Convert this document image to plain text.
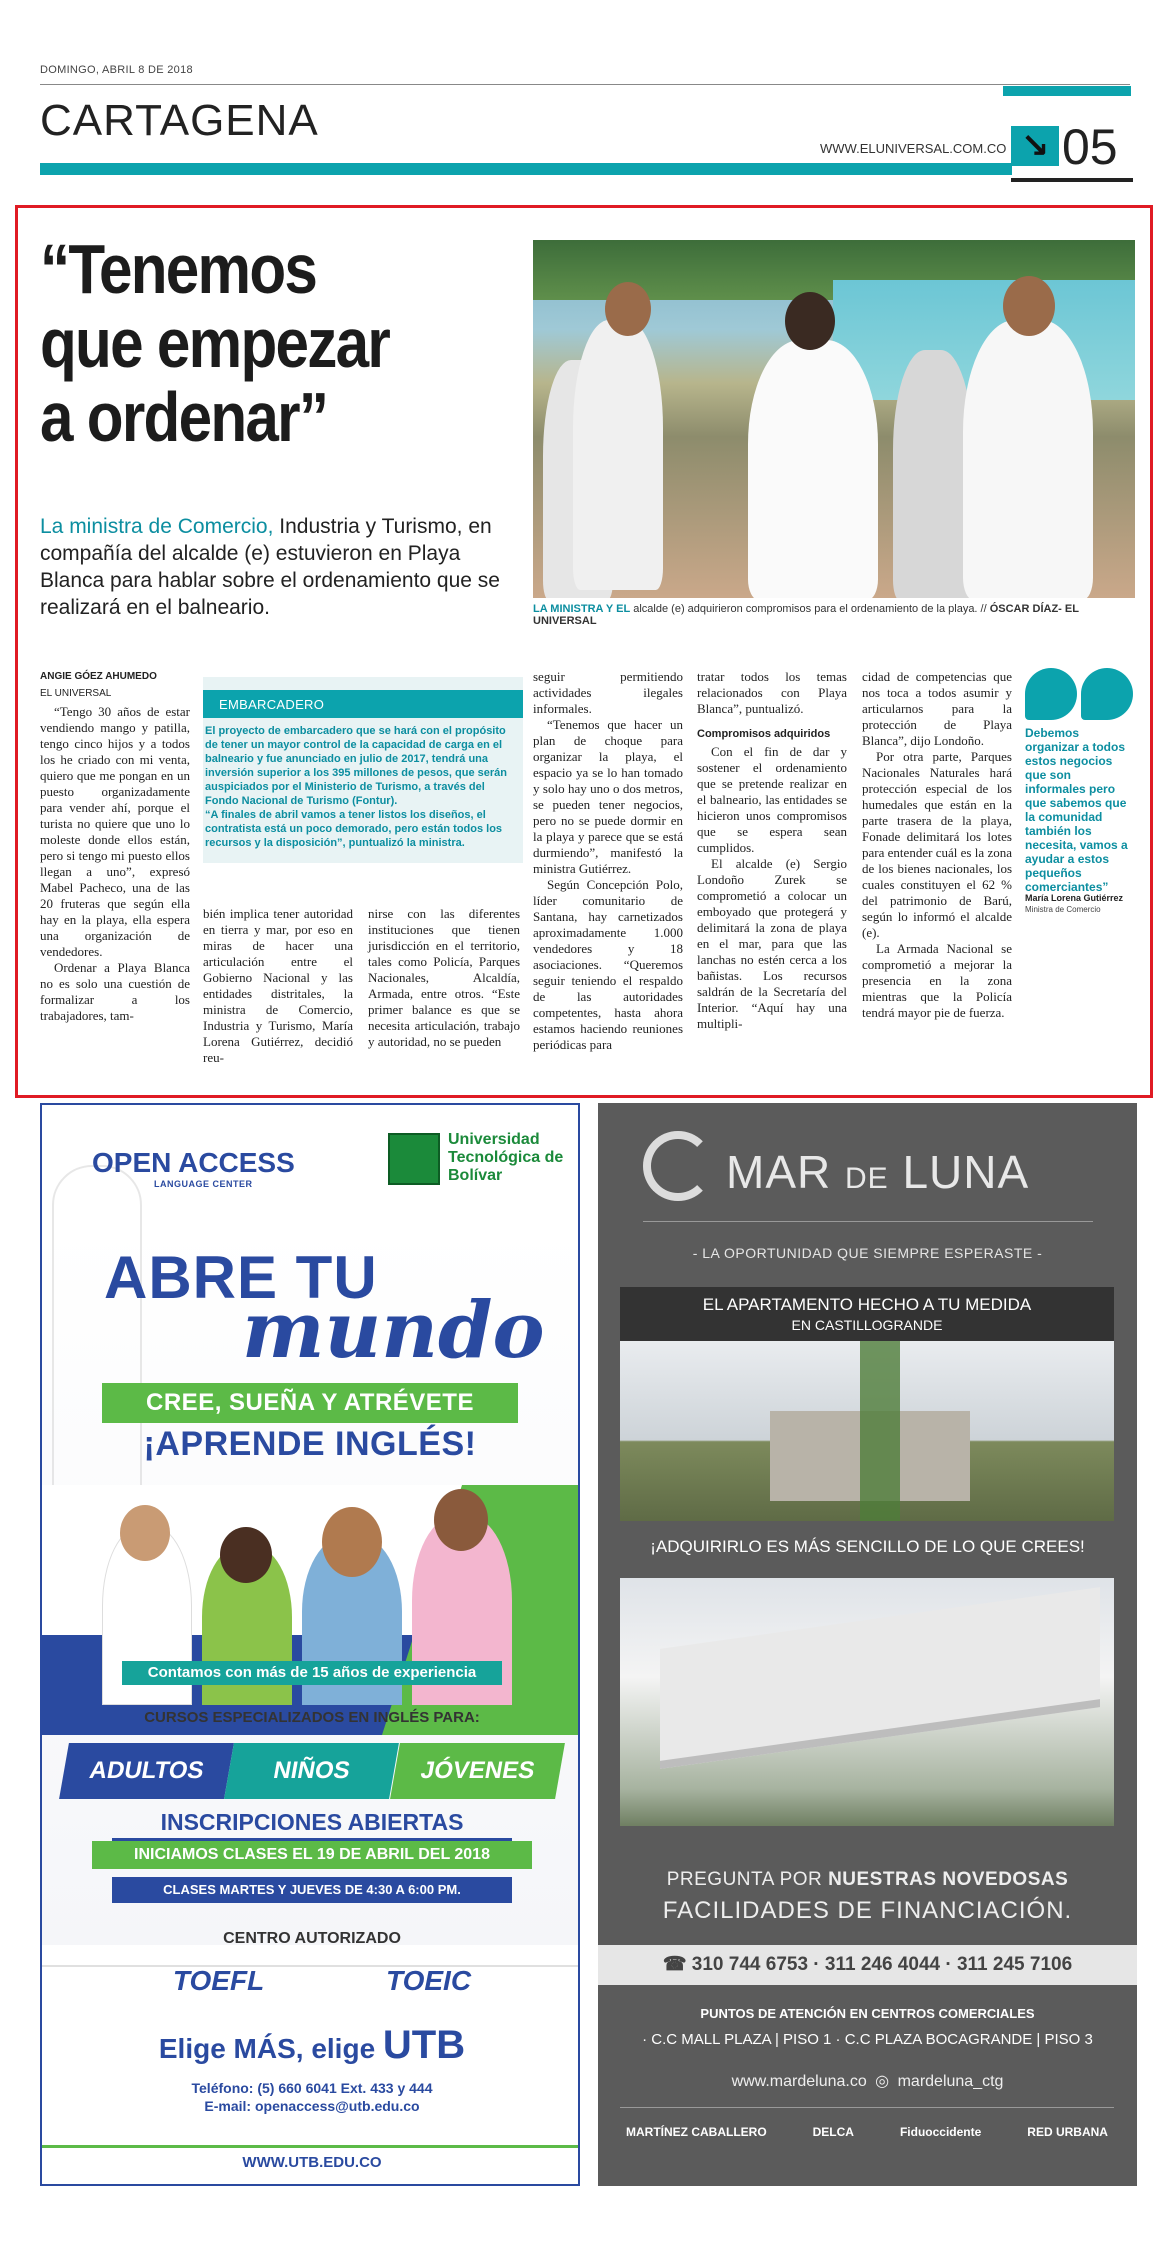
DOMINGO, ABRIL 8 DE 2018
CARTAGENA
WWW.ELUNIVERSAL.COM.CO ↘ 05
“Tenemos
que empezar
a ordenar”
La ministra de Comercio, Industria y Turismo, en compañía del alcalde (e) estuvieron en Playa Blanca para hablar sobre el ordenamiento que se realizará en el balneario.	LA MINISTRA Y EL alcalde (e) adquirieron compromisos para el ordenamiento de la playa. // ÓSCAR DÍAZ- EL UNIVERSAL
ANGIE GÓEZ AHUMEDO
EL UNIVERSAL

“Tengo 30 años de estar vendiendo mango y patilla, tengo cinco hijos y a todos los he criado con mi venta, quiero que me pongan en un puesto organizadamente para vender ahí, porque el turista no quiere que uno lo moleste donde ellos están, pero si tengo mi puesto ellos llegan a uno”, expresó Mabel Pacheco, una de las 20 fruteras que según ella hay en la playa, ella espera una organización de vendedores.

Ordenar a Playa Blanca no es solo una cuestión de formalizar a los trabajadores, tam-

EMBARCADERO
El proyecto de embarcadero que se hará con el propósito de tener un mayor control de la capacidad de carga en el balneario y fue anunciado en julio de 2017, tendrá una inversión superior a los 395 millones de pesos, que serán auspiciados por el Ministerio de Turismo, a través del Fondo Nacional de Turismo (Fontur).
“A finales de abril vamos a tener listos los diseños, el contratista está un poco demorado, pero están todos los recursos y la disposición”, puntualizó la ministra.

bién implica tener autoridad en tierra y mar, por eso en miras de hacer una articulación entre el Gobierno Nacional y las entidades distritales, la ministra de Comercio, Industria y Turismo, María Lorena Gutiérrez, decidió reu-

nirse con las diferentes instituciones que tienen jurisdicción en el territorio, tales como Policía, Parques Nacionales, Alcaldía, Armada, entre otros. “Este primer balance es que se necesita articulación, trabajo y autoridad, no se pueden

seguir permitiendo actividades ilegales informales.

“Tenemos que hacer un plan de choque para organizar la playa, el espacio ya se lo han tomado y solo hay uno o dos metros, se pueden tener negocios, pero no se puede dormir en la playa y parece que se está durmiendo”, manifestó la ministra Gutiérrez.

Según Concepción Polo, líder comunitario de Santana, hay carnetizados aproximadamente 1.000 vendedores y 18 asociaciones. “Queremos seguir teniendo el respaldo de las autoridades competentes, hasta ahora estamos haciendo reuniones periódicas para

tratar todos los temas relacionados con Playa Blanca”, puntualizó.

Compromisos adquiridos

Con el fin de dar y sostener el ordenamiento que se pretende realizar en el balneario, las entidades se hicieron unos compromisos que se espera sean cumplidos.

El alcalde (e) Sergio Londoño Zurek se comprometió a colocar un emboyado que protegerá y delimitará la zona de playa en el mar, para que las lanchas no estén cerca a los bañistas. Los recursos saldrán de la Secretaría del Interior. “Aquí hay una multipli-

cidad de competencias que nos toca a todos asumir y articularnos para la protección de Playa Blanca”, dijo Londoño.

Por otra parte, Parques Nacionales Naturales hará protección especial de los humedales que están en la parte trasera de la playa, Fonade delimitará los lotes para entender cuál es la zona de los bienes nacionales, los cuales constituyen el 62 % del patrimonio de Barú, según lo informó el alcalde (e).

La Armada Nacional se comprometió a mejorar la presencia en la zona mientras que la Policía tendrá mayor pie de fuerza.

Debemos organizar a todos estos negocios que son informales pero que sabemos que la comunidad también los necesita, vamos a ayudar a estos pequeños comerciantes”
María Lorena Gutiérrez
Ministra de Comercio
OPEN ACCESS
LANGUAGE CENTER
Universidad Tecnológica de Bolívar
ABRE TU
mundo
CREE, SUEÑA Y ATRÉVETE
¡APRENDE INGLÉS!
Contamos con más de 15 años de experiencia
CURSOS ESPECIALIZADOS EN INGLÉS PARA:
ADULTOS	NIÑOS	JÓVENES
INSCRIPCIONES ABIERTAS
INICIAMOS CLASES EL 19 DE ABRIL DEL 2018
CLASES MARTES Y JUEVES DE 4:30 A 6:00 PM.
CENTRO AUTORIZADO
TOEFL	TOEIC
Elige MÁS, elige UTB
Teléfono: (5) 660 6041 Ext. 433 y 444
E-mail: openaccess@utb.edu.co
WWW.UTB.EDU.CO
MAR DE LUNA
- LA OPORTUNIDAD QUE SIEMPRE ESPERASTE -
EL APARTAMENTO HECHO A TU MEDIDA
EN CASTILLOGRANDE
¡ADQUIRIRLO ES MÁS SENCILLO DE LO QUE CREES!
PREGUNTA POR NUESTRAS NOVEDOSAS
FACILIDADES DE FINANCIACIÓN.
☎ 310 744 6753 · 311 246 4044 · 311 245 7106
PUNTOS DE ATENCIÓN EN CENTROS COMERCIALES
· C.C MALL PLAZA | PISO 1 · C.C PLAZA BOCAGRANDE | PISO 3
www.mardeluna.co ◎ mardeluna_ctg
MARTÍNEZ CABALLERO	DELCA	Fiduoccidente	RED URBANA
